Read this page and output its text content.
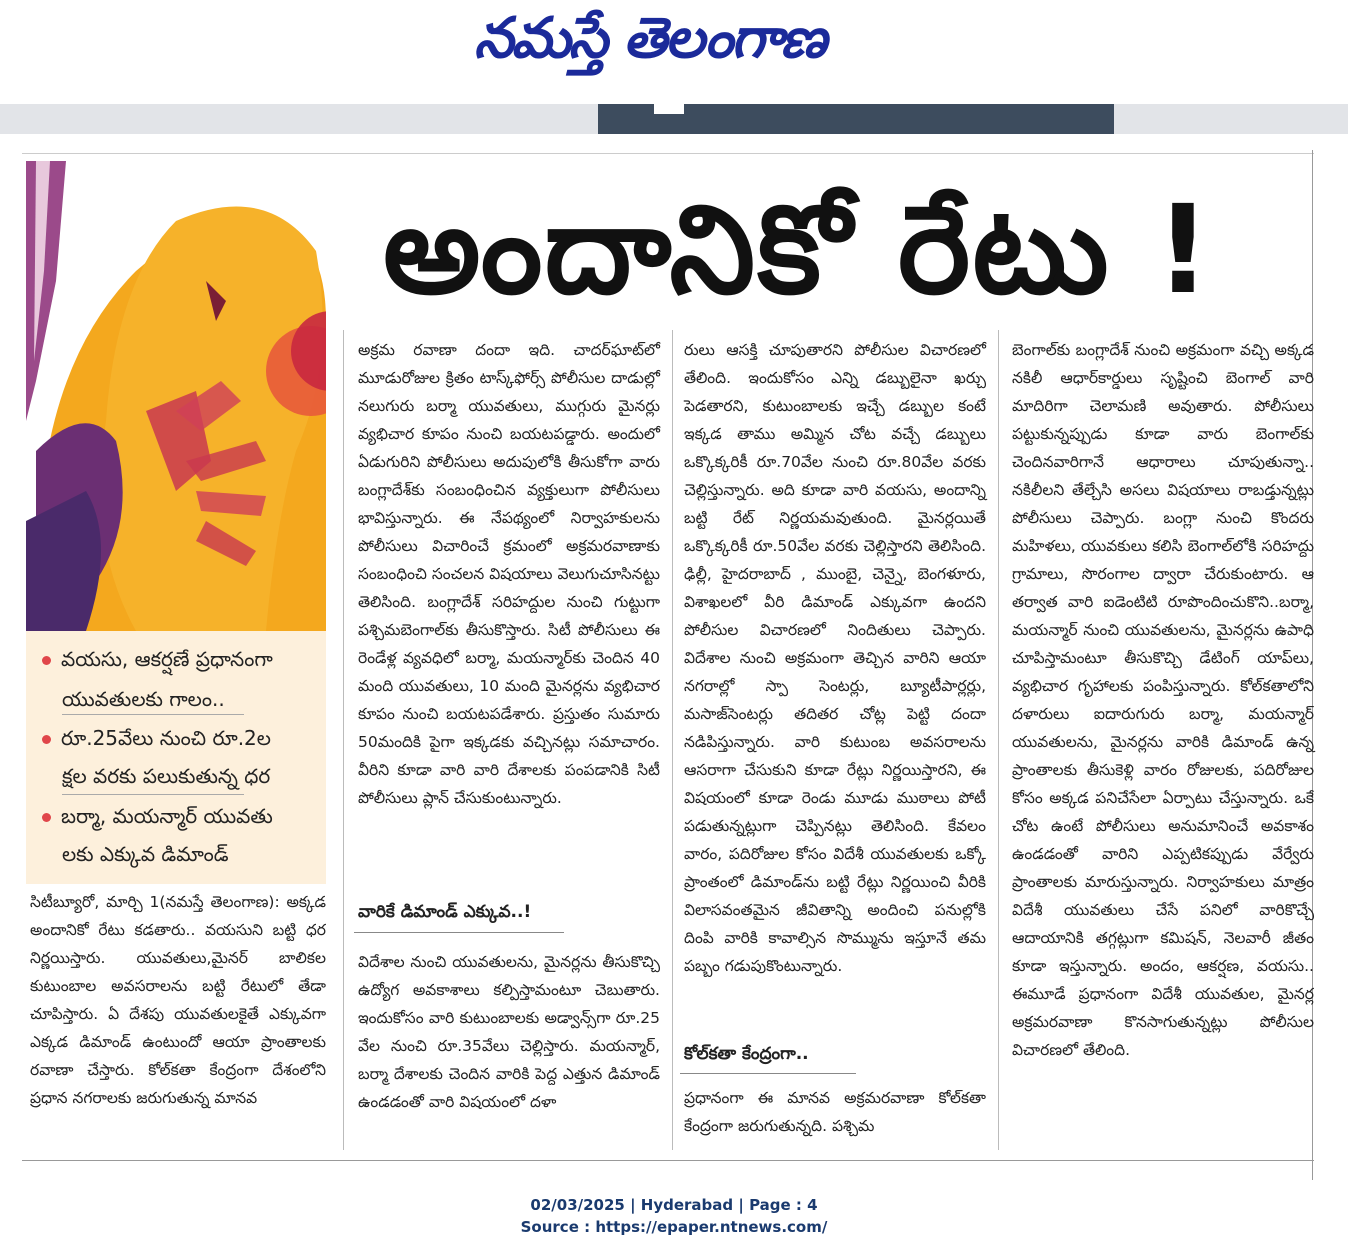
నమస్తే తెలంగాణ
వయసు, ఆకర్షణే ప్రధానంగా
యువతులకు గాలం..
రూ.25వేలు నుంచి రూ.2ల
క్షల వరకు పలుకుతున్న ధర
బర్మా, మయన్మార్ యువతు
లకు ఎక్కువ డిమాండ్
అందానికో రేటు !

సిటీబ్యూరో, మార్చి 1(నమస్తే తెలంగాణ): అక్కడ అందానికో రేటు కడతారు.. వయసుని బట్టి ధర నిర్ణయిస్తారు. యువతులు,మైనర్ బాలికల కుటుంబాల అవసరాలను బట్టి రేటులో తేడా చూపిస్తారు. ఏ దేశపు యువతులకైతే ఎక్కువగా ఎక్కడ డిమాండ్ ఉంటుందో ఆయా ప్రాంతాలకు రవాణా చేస్తారు. కోల్‌కతా కేంద్రంగా దేశంలోని ప్రధాన నగరాలకు జరుగుతున్న మానవ

అక్రమ రవాణా దందా ఇది. చాదర్‌ఘాట్‌లో మూడురోజుల క్రితం టాస్క్‌ఫోర్స్ పోలీసుల దాడుల్లో నలుగురు బర్మా యువతులు, ముగ్గురు మైనర్లు వ్యభిచార కూపం నుంచి బయటపడ్డారు. అందులో ఏడుగురిని పోలీసులు అదుపులోకి తీసుకోగా వారు బంగ్లాదేశ్‌కు సంబంధించిన వ్యక్తులుగా పోలీసులు భావిస్తున్నారు. ఈ నేపథ్యంలో నిర్వాహకులను పోలీసులు విచారించే క్రమంలో అక్రమరవాణాకు సంబంధించి సంచలన విషయాలు వెలుగుచూసినట్టు తెలిసింది. బంగ్లాదేశ్ సరిహద్దుల నుంచి గుట్టుగా పశ్చిమబెంగాల్‌కు తీసుకొస్తారు. సిటీ పోలీసులు ఈ రెండేళ్ల వ్యవధిలో బర్మా, మయన్మార్‌కు చెందిన 40 మంది యువతులు, 10 మంది మైనర్లను వ్యభిచార కూపం నుంచి బయటపడేశారు. ప్రస్తుతం సుమారు 50మందికి పైగా ఇక్కడకు వచ్చినట్లు సమాచారం. వీరిని కూడా వారి వారి దేశాలకు పంపడానికి సిటీ పోలీసులు ప్లాన్ చేసుకుంటున్నారు.

వారికే డిమాండ్ ఎక్కువ..!

విదేశాల నుంచి యువతులను, మైనర్లను తీసుకొచ్చి ఉద్యోగ అవకాశాలు కల్పిస్తామంటూ చెబుతారు. ఇందుకోసం వారి కుటుంబాలకు అడ్వాన్స్‌గా రూ.25 వేల నుంచి రూ.35వేలు చెల్లిస్తారు. మయన్మార్, బర్మా దేశాలకు చెందిన వారికి పెద్ద ఎత్తున డిమాండ్ ఉండడంతో వారి విషయంలో దళా

రులు ఆసక్తి చూపుతారని పోలీసుల విచారణలో తేలింది. ఇందుకోసం ఎన్ని డబ్బులైనా ఖర్చు పెడతారని, కుటుంబాలకు ఇచ్చే డబ్బుల కంటే ఇక్కడ తాము అమ్మిన చోట వచ్చే డబ్బులు ఒక్కొక్కరికీ రూ.70వేల నుంచి రూ.80వేల వరకు చెల్లిస్తున్నారు. అది కూడా వారి వయసు, అందాన్ని బట్టి రేట్ నిర్ణయమవుతుంది. మైనర్లయితే ఒక్కొక్కరికీ రూ.50వేల వరకు చెల్లిస్తారని తెలిసింది. ఢిల్లీ, హైదరాబాద్ , ముంబై, చెన్నై, బెంగళూరు, విశాఖలలో వీరి డిమాండ్ ఎక్కువగా ఉందని పోలీసుల విచారణలో నిందితులు చెప్పారు. విదేశాల నుంచి అక్రమంగా తెచ్చిన వారిని ఆయా నగరాల్లో స్పా సెంటర్లు, బ్యూటీపార్లర్లు, మసాజ్‌సెంటర్లు తదితర చోట్ల పెట్టి దందా నడిపిస్తున్నారు. వారి కుటుంబ అవసరాలను ఆసరాగా చేసుకుని కూడా రేట్లు నిర్ణయిస్తారని, ఈ విషయంలో కూడా రెండు మూడు ముఠాలు పోటీ పడుతున్నట్లుగా చెప్పినట్లు తెలిసింది. కేవలం వారం, పదిరోజుల కోసం విదేశీ యువతులకు ఒక్కో ప్రాంతంలో డిమాండ్‌ను బట్టి రేట్లు నిర్ణయించి వీరికి విలాసవంతమైన జీవితాన్ని అందించి పనుల్లోకి దింపి వారికి కావాల్సిన సొమ్మును ఇస్తూనే తమ పబ్బం గడుపుకొంటున్నారు.

కోల్‌కతా కేంద్రంగా..

ప్రధానంగా ఈ మానవ అక్రమరవాణా కోల్‌కతా కేంద్రంగా జరుగుతున్నది. పశ్చిమ

బెంగాల్‌కు బంగ్లాదేశ్ నుంచి అక్రమంగా వచ్చి అక్కడ నకిలీ ఆధార్‌కార్డులు సృష్టించి బెంగాల్ వారి మాదిరిగా చెలామణి అవుతారు. పోలీసులు పట్టుకున్నప్పుడు కూడా వారు బెంగాల్‌కు చెందినవారిగానే ఆధారాలు చూపుతున్నా.. నకిలీలని తేల్చేసి అసలు విషయాలు రాబడ్తున్నట్లు పోలీసులు చెప్పారు. బంగ్లా నుంచి కొందరు మహిళలు, యువకులు కలిసి బెంగాల్‌లోకి సరిహద్దు గ్రామాలు, సొరంగాల ద్వారా చేరుకుంటారు. ఆ తర్వాత వారి ఐడెంటిటి రూపొందించుకొని..బర్మా, మయన్మార్ నుంచి యువతులను, మైనర్లను ఉపాధి చూపిస్తామంటూ తీసుకొచ్చి డేటింగ్ యాప్‌లు, వ్యభిచార గృహాలకు పంపిస్తున్నారు. కోల్‌కతాలోని దళారులు ఐదారుగురు బర్మా, మయన్మార్ యువతులను, మైనర్లను వారికి డిమాండ్ ఉన్న ప్రాంతాలకు తీసుకెళ్లి వారం రోజులకు, పదిరోజుల కోసం అక్కడ పనిచేసేలా ఏర్పాటు చేస్తున్నారు. ఒకే చోట ఉంటే పోలీసులు అనుమానించే అవకాశం ఉండడంతో వారిని ఎప్పటికప్పుడు వేర్వేరు ప్రాంతాలకు మారుస్తున్నారు. నిర్వాహకులు మాత్రం విదేశీ యువతులు చేసే పనిలో వారికొచ్చే ఆదాయానికి తగ్గట్లుగా కమిషన్, నెలవారీ జీతం కూడా ఇస్తున్నారు. అందం, ఆకర్షణ, వయసు.. ఈమూడే ప్రధానంగా విదేశీ యువతుల, మైనర్ల అక్రమరవాణా కొనసాగుతున్నట్లు పోలీసుల విచారణలో తేలింది.

02/03/2025 | Hyderabad | Page : 4
Source : https://epaper.ntnews.com/
